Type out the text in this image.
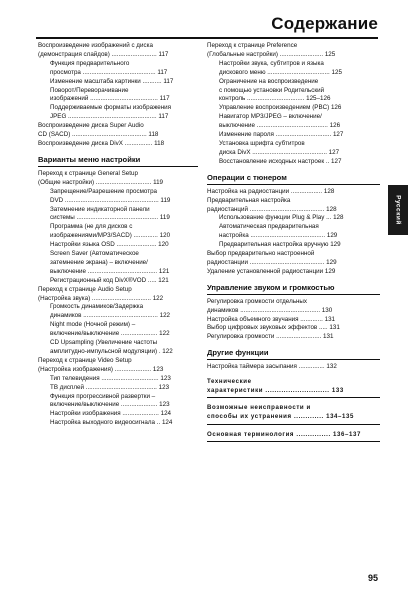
Содержание
Воспроизведение изображений с диска
(демонстрация слайдов) .......................... 117
Функция предварительного
просмотра .......................................... 117
Изменение масштаба картинки ........... 117
Поворот/Переворачивание
изображений ....................................... 117
Поддерживаемые форматы изображения
JPEG ................................................... 117
Воспроизведение диска Super Audio
CD (SACD) ........................................... 118
Воспроизведение диска DivX ................ 118
Варианты меню настройки
Переход к странице General Setup
(Общие настройки) ................................ 119
Запрещение/Разрешение просмотра
DVD ...................................................... 119
Затемнение индикаторной панели
системы ............................................... 119
Программа (не для дисков с
изображениями/MP3/SACD) .............. 120
Настройки языка OSD ....................... 120
Screen Saver (Автоматическое
затемнение экрана) – включение/
выключение ........................................ 121
Регистрационный код DivX®VOD ..... 121
Переход к странице Audio Setup
(Настройка звука) .................................. 122
Громкость динамиков/Задержка
динамиков ........................................... 122
Night mode (Ночной режим) –
включение/выключение ..................... 122
CD Upsampling (Увеличение частоты
амплитудно-импульсной модуляции) . 122
Переход к странице Video Setup
(Настройка изображения) ..................... 123
Тип телевидения ................................. 123
ТВ дисплей ......................................... 123
Функция прогрессивной развертки –
включение/выключение ..................... 123
Настройки изображения ..................... 124
Настройка выходного видеосигнала .. 124
Переход к странице Preference
(Глобальные настройки) ......................... 125
Настройки звука, субтитров и языка
дискового меню .................................... 125
Ограничение на воспроизведение
с помощью установки Родительский
контроль ................................. 125–126
Управление воспроизведением (PBC) 126
Навигатор MP3/JPEG – включение/
выключение ......................................... 126
Изменение пароля ................................ 127
Установка шрифта субтитров
диска DivX ........................................... 127
Восстановление исходных настроек .. 127
Операции с тюнером
Настройка на радиостанции .................. 128
Предварительная настройка
радиостанций ........................................... 128
Использование функции Plug & Play ... 128
Автоматическая предварительная
настройка ........................................... 129
Предварительная настройка вручную 129
Выбор предварительно настроенной
радиостанции ........................................... 129
Удаление установленной радиостанции 129
Управление звуком и громкостью
Регулировка громкости отдельных
динамиков .............................................. 130
Настройка объемного звучания ............. 131
Выбор цифровых звуковых эффектов ..... 131
Регулировка громкости .......................... 131
Другие функции
Настройка таймера засыпания ............... 132
Технические
характеристики ............................ 133
Возможные неисправности и
способы их устранения ............. 134–135
Основная терминология ............... 136–137
Русский
95
